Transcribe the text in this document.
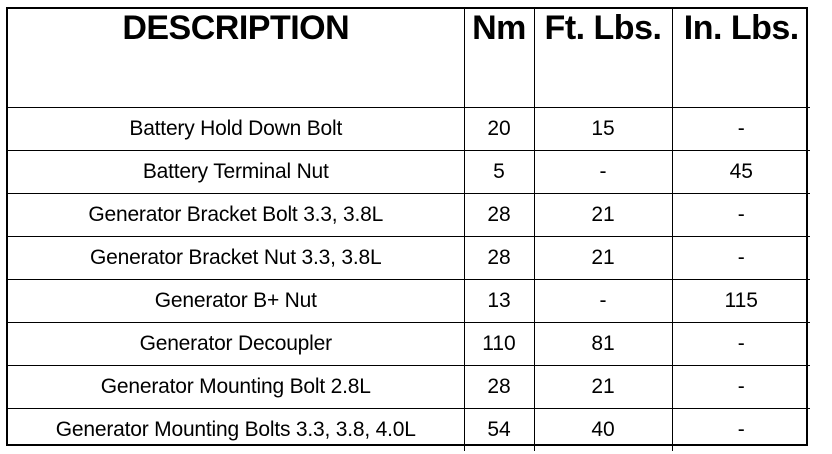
DESCRIPTION	Nm	Ft. Lbs.	In. Lbs.
Battery Hold Down Bolt	20	15	-
Battery Terminal Nut	5	-	45
Generator Bracket Bolt 3.3, 3.8L	28	21	-
Generator Bracket Nut 3.3, 3.8L	28	21	-
Generator B+ Nut	13	-	115
Generator Decoupler	110	81	-
Generator Mounting Bolt 2.8L	28	21	-
Generator Mounting Bolts 3.3, 3.8, 4.0L	54	40	-
